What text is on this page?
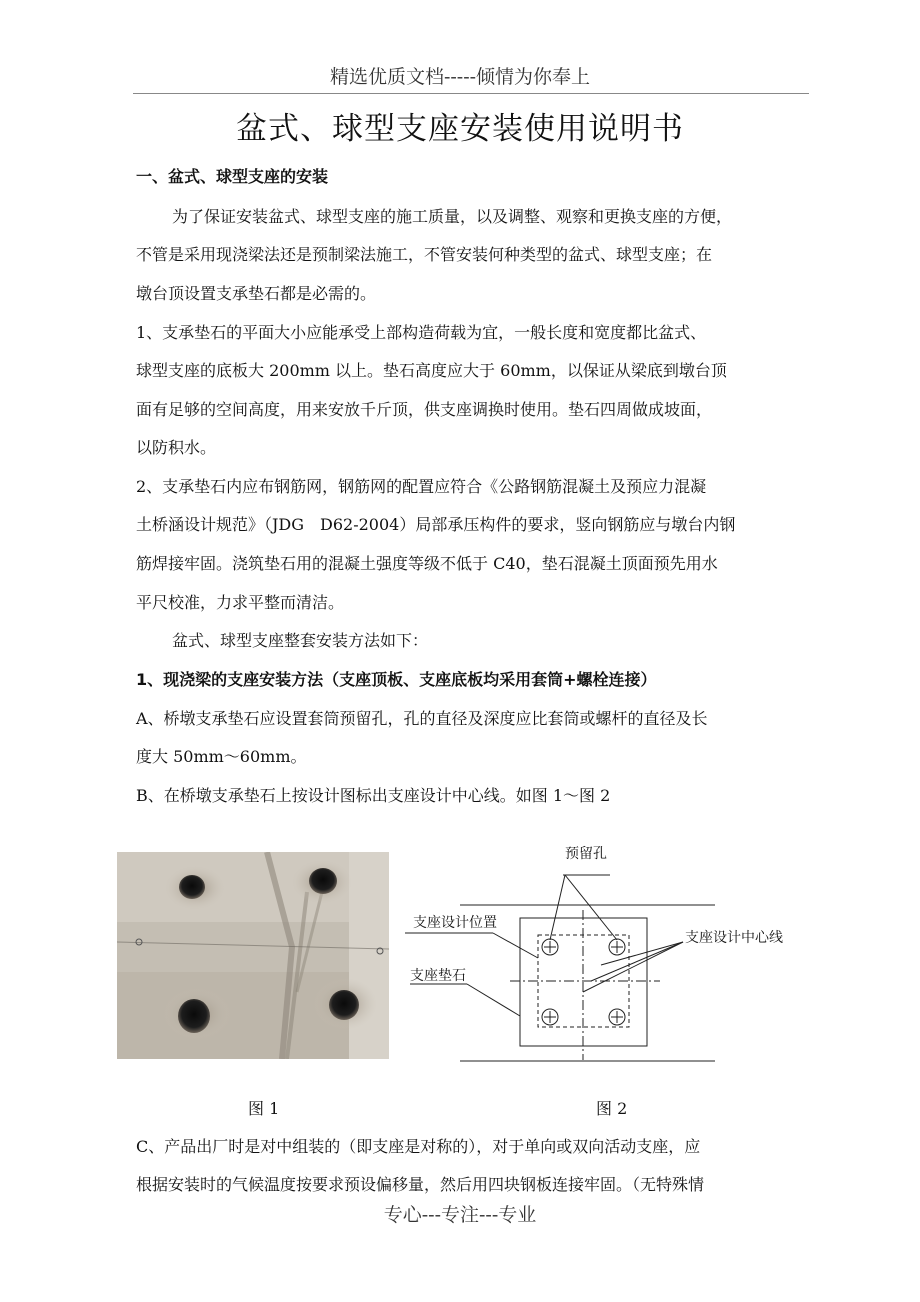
精选优质文档-----倾情为你奉上
盆式、球型支座安装使用说明书
一、盆式、球型支座的安装
为了保证安装盆式、球型支座的施工质量，以及调整、观察和更换支座的方便，
不管是采用现浇梁法还是预制梁法施工，不管安装何种类型的盆式、球型支座；在
墩台顶设置支承垫石都是必需的。
1、支承垫石的平面大小应能承受上部构造荷载为宜，一般长度和宽度都比盆式、
球型支座的底板大 200mm 以上。垫石高度应大于 60mm，以保证从梁底到墩台顶
面有足够的空间高度，用来安放千斤顶，供支座调换时使用。垫石四周做成坡面，
以防积水。
2、支承垫石内应布钢筋网，钢筋网的配置应符合《公路钢筋混凝土及预应力混凝
土桥涵设计规范》（JDG　D62-2004）局部承压构件的要求，竖向钢筋应与墩台内钢
筋焊接牢固。浇筑垫石用的混凝土强度等级不低于 C40，垫石混凝土顶面预先用水
平尺校准，力求平整而清洁。
盆式、球型支座整套安装方法如下：
1、现浇梁的支座安装方法（支座顶板、支座底板均采用套筒+螺栓连接）
A、桥墩支承垫石应设置套筒预留孔，孔的直径及深度应比套筒或螺杆的直径及长
度大 50mm～60mm。
B、在桥墩支承垫石上按设计图标出支座设计中心线。如图 1～图 2
预留孔
支座设计位置
支座设计中心线
支座垫石
图 1	图 2
C、产品出厂时是对中组装的（即支座是对称的），对于单向或双向活动支座，应
根据安装时的气候温度按要求预设偏移量，然后用四块钢板连接牢固。（无特殊情
专心---专注---专业
